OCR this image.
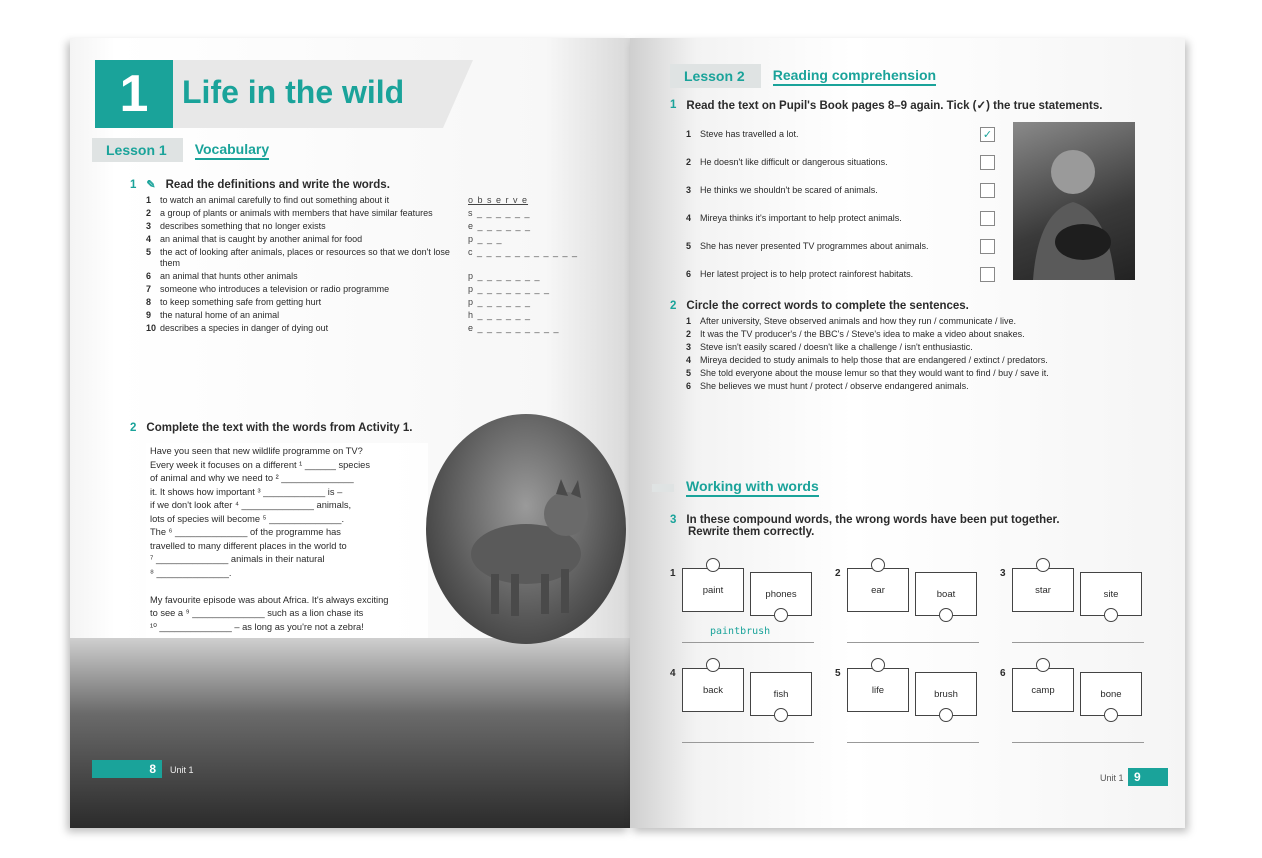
1	Life in the wild
Lesson 1	Vocabulary
1 ✎ Read the definitions and write the words.
1 to watch an animal carefully to find out something about it	o b s e r v e
2 a group of plants or animals with members that have similar features	s _ _ _ _ _ _
3 describes something that no longer exists	e _ _ _ _ _ _
4 an animal that is caught by another animal for food	p _ _ _
5 the act of looking after animals, places or resources so that we don't lose them
c _ _ _ _ _ _ _ _ _ _ _
6 an animal that hunts other animals	p _ _ _ _ _ _ _
7 someone who introduces a television or radio programme	p _ _ _ _ _ _ _ _
8 to keep something safe from getting hurt	p _ _ _ _ _ _
9 the natural home of an animal	h _ _ _ _ _ _
10 describes a species in danger of dying out	e _ _ _ _ _ _ _ _ _
2 Complete the text with the words from Activity 1.
Have you seen that new wildlife programme on TV?
Every week it focuses on a different ¹ ______ species
of animal and why we need to ² ______________
it. It shows how important ³ ____________ is –
if we don't look after ⁴ ______________ animals,
lots of species will become ⁵ ______________.
The ⁶ ______________ of the programme has
travelled to many different places in the world to
⁷ ______________ animals in their natural
⁸ ______________.

My favourite episode was about Africa. It's always exciting
to see a ⁹ ______________ such as a lion chase its
¹⁰ ______________ – as long as you're not a zebra!
8	Unit 1
Lesson 2	Reading comprehension
1 Read the text on Pupil's Book pages 8–9 again. Tick (✓) the true statements.
1 Steve has travelled a lot.	✓
2 He doesn't like difficult or dangerous situations.
3 He thinks we shouldn't be scared of animals.
4 Mireya thinks it's important to help protect animals.
5 She has never presented TV programmes about animals.
6 Her latest project is to help protect rainforest habitats.
2 Circle the correct words to complete the sentences.
1 After university, Steve observed animals and how they run / communicate / live.
2 It was the TV producer's / the BBC's / Steve's idea to make a video about snakes.
3 Steve isn't easily scared / doesn't like a challenge / isn't enthusiastic.
4 Mireya decided to study animals to help those that are endangered / extinct / predators.
5 She told everyone about the mouse lemur so that they would want to find / buy / save it.
6 She believes we must hunt / protect / observe endangered animals.
Working with words
3 In these compound words, the wrong words have been put together.
Rewrite them correctly.
1
paint	phones
paintbrush
2
ear	boat
3
star	site
4
back	fish
5
life	brush
6
camp	bone
Unit 1 9
